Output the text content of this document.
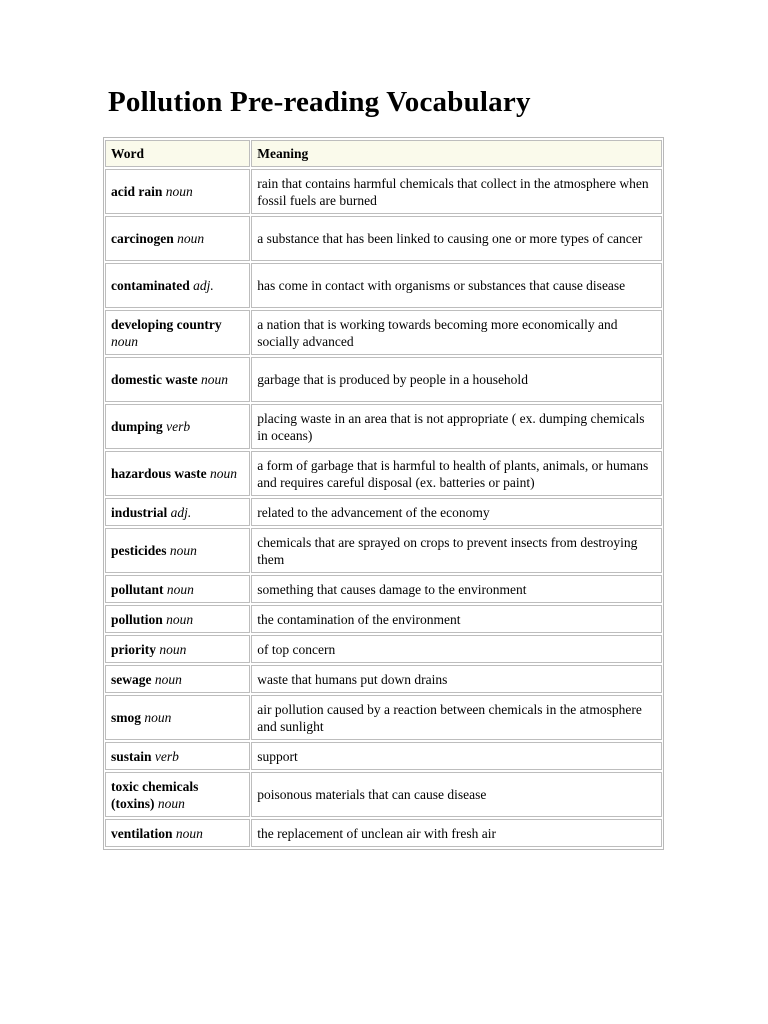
Pollution Pre-reading Vocabulary
Word	Meaning
acid rain noun	rain that contains harmful chemicals that collect in the atmosphere when fossil fuels are burned
carcinogen noun	a substance that has been linked to causing one or more types of cancer
contaminated adj.	has come in contact with organisms or substances that cause disease
developing country noun	a nation that is working towards becoming more economically and socially advanced
domestic waste noun	garbage that is produced by people in a household
dumping verb	placing waste in an area that is not appropriate ( ex. dumping chemicals in oceans)
hazardous waste noun	a form of garbage that is harmful to health of plants, animals, or humans and requires careful disposal (ex. batteries or paint)
industrial adj.	related to the advancement of the economy
pesticides noun	chemicals that are sprayed on crops to prevent insects from destroying them
pollutant noun	something that causes damage to the environment
pollution noun	the contamination of the environment
priority noun	of top concern
sewage noun	waste that humans put down drains
smog noun	air pollution caused by a reaction between chemicals in the atmosphere and sunlight
sustain verb	support
toxic chemicals (toxins) noun	poisonous materials that can cause disease
ventilation noun	the replacement of unclean air with fresh air
